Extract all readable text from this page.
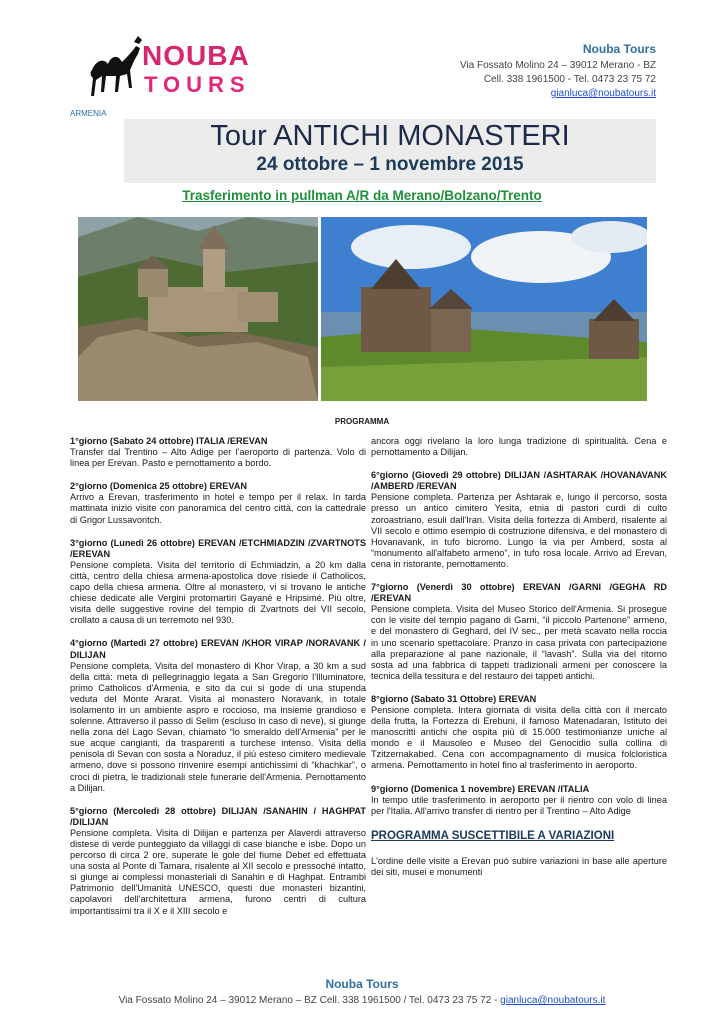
NOUBA
TOURS
Nouba Tours
Via Fossato Molino 24 – 39012 Merano - BZ
Cell. 338 1961500 - Tel. 0473 23 75 72
gianluca@noubatours.it
ARMENIA
Tour ANTICHI MONASTERI
24 ottobre – 1 novembre 2015
Trasferimento in pullman A/R da Merano/Bolzano/Trento
PROGRAMMA

1°giorno (Sabato 24 ottobre) ITALIA /EREVAN

Transfer dal Trentino – Alto Adige per l'aeroporto di partenza. Volo di linea per Erevan. Pasto e pernottamento a bordo.

2°giorno (Domenica 25 ottobre) EREVAN

Arrivo a Erevan, trasferimento in hotel e tempo per il relax. In tarda mattinata inizio visite con panoramica del centro città, con la cattedrale di Grigor Lussavoritch.

3°giorno (Lunedì 26 ottobre) EREVAN /ETCHMIADZIN /ZVARTNOTS /EREVAN

Pensione completa. Visita del territorio di Echmiadzin, a 20 km dalla città, centro della chiesa armena-apostolica dove risiede il Catholicos, capo della chiesa armena. Oltre al monastero, vi si trovano le antiche chiese dedicate alle Vergini protomartiri Gayané e Hripsimé. Più oltre, visita delle suggestive rovine del tempio di Zvartnots del VII secolo, crollato a causa di un terremoto nel 930.

4°giorno (Martedì 27 ottobre) EREVAN /KHOR VIRAP /NORAVANK / DILIJAN

Pensione completa. Visita del monastero di Khor Virap, a 30 km a sud della città: meta di pellegrinaggio legata a San Gregorio l'Illuminatore, primo Catholicos d'Armenia, e sito da cui si gode di una stupenda veduta del Monte Ararat. Visita al monastero Noravank, in totale isolamento in un ambiente aspro e roccioso, ma insieme grandioso e solenne. Attraverso il passo di Selim (escluso in caso di neve), si giunge nella zona del Lago Sevan, chiamato “lo smeraldo dell'Armenia” per le sue acque cangianti, da trasparenti a turchese intenso. Visita della penisola di Sevan con sosta a Noraduz, il più esteso cimitero medievale armeno, dove si possono rinvenire esempi antichissimi di “khachkar”, o croci di pietra, le tradizionali stele funerarie dell'Armenia. Pernottamento a Dilijan.

5°giorno (Mercoledì 28 ottobre) DILIJAN /SANAHIN / HAGHPAT /DILIJAN

Pensione completa. Visita di Dilijan e partenza per Alaverdi attraverso distese di verde punteggiato da villaggi di case bianche e isbe. Dopo un percorso di circa 2 ore, superate le gole del fiume Debet ed effettuata una sosta al Ponte di Tamara, risalente al XII secolo e pressoché intatto, si giunge ai complessi monasteriali di Sanahin e di Haghpat. Entrambi Patrimonio dell'Umanità UNESCO, questi due monasteri bizantini, capolavori dell'architettura armena, furono centri di cultura importantissimi tra il X e il XIII secolo e

ancora oggi rivelano la loro lunga tradizione di spiritualità. Cena e pernottamento a Dilijan.

6°giorno (Giovedì 29 ottobre) DILIJAN /ASHTARAK /HOVANAVANK /AMBERD /EREVAN

Pensione completa. Partenza per Ashtarak e, lungo il percorso, sosta presso un antico cimitero Yesita, etnia di pastori curdi di culto zoroastriano, esuli dall'Iran. Visita della fortezza di Amberd, risalente al VII secolo e ottimo esempio di costruzione difensiva, e del monastero di Hovanavank, in tufo bicromo. Lungo la via per Amberd, sosta al “monumento all'alfabeto armeno”, in tufo rosa locale. Arrivo ad Erevan, cena in ristorante, pernottamento.

7°giorno (Venerdì 30 ottobre) EREVAN /GARNI /GEGHA RD /EREVAN

Pensione completa. Visita del Museo Storico dell'Armenia. Si prosegue con le visite del tempio pagano di Garni, “il piccolo Partenone” armeno, e del monastero di Geghard, del IV sec., per metà scavato nella roccia in uno scenario spettacolare. Pranzo in casa privata con partecipazione alla preparazione al pane nazionale, il “lavash”. Sulla via del ritorno sosta ad una fabbrica di tappeti tradizionali armeni per conoscere la tecnica della tessitura e del restauro dei tappeti antichi.

8°giorno (Sabato 31 Ottobre) EREVAN

Pensione completa. Intera giornata di visita della città con il mercato della frutta, la Fortezza di Erebuni, il famoso Matenadaran, Istituto dei manoscritti antichi che ospita più di 15.000 testimonianze uniche al mondo e il Mausoleo e Museo del Genocidio sulla collina di Tzitzernakabed. Cena con accompagnamento di musica folcloristica armena. Pernottamento in hotel fino al trasferimento in aeroporto.

9°giorno (Domenica 1 novembre) EREVAN /ITALIA

In tempo utile trasferimento in aeroporto per il rientro con volo di linea per l'Italia. All'arrivo transfer di rientro per il Trentino – Alto Adige

PROGRAMMA SUSCETTIBILE A VARIAZIONI

L'ordine delle visite a Erevan può subire variazioni in base alle aperture dei siti, musei e monumenti

Nouba Tours
Via Fossato Molino 24 – 39012 Merano – BZ Cell. 338 1961500 / Tel. 0473 23 75 72 - gianluca@noubatours.it
